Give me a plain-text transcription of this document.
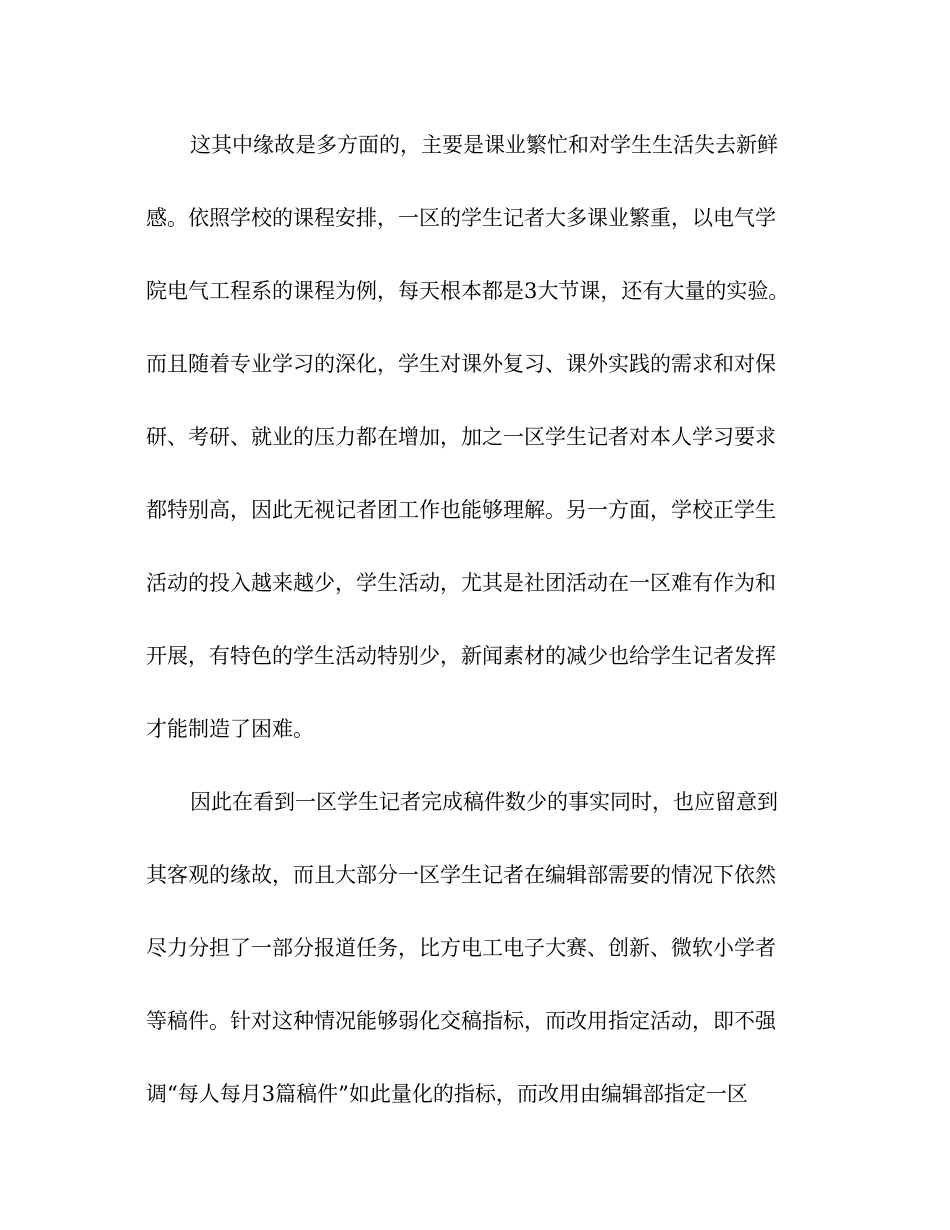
这其中缘故是多方面的，主要是课业繁忙和对学生生活失去新鲜
感。依照学校的课程安排，一区的学生记者大多课业繁重，以电气学
院电气工程系的课程为例，每天根本都是3大节课，还有大量的实验。
而且随着专业学习的深化，学生对课外复习、课外实践的需求和对保
研、考研、就业的压力都在增加，加之一区学生记者对本人学习要求
都特别高，因此无视记者团工作也能够理解。另一方面，学校正学生
活动的投入越来越少，学生活动，尤其是社团活动在一区难有作为和
开展，有特色的学生活动特别少，新闻素材的减少也给学生记者发挥
才能制造了困难。
因此在看到一区学生记者完成稿件数少的事实同时，也应留意到
其客观的缘故，而且大部分一区学生记者在编辑部需要的情况下依然
尽力分担了一部分报道任务，比方电工电子大赛、创新、微软小学者
等稿件。针对这种情况能够弱化交稿指标，而改用指定活动，即不强
调“每人每月3篇稿件”如此量化的指标，而改用由编辑部指定一区
